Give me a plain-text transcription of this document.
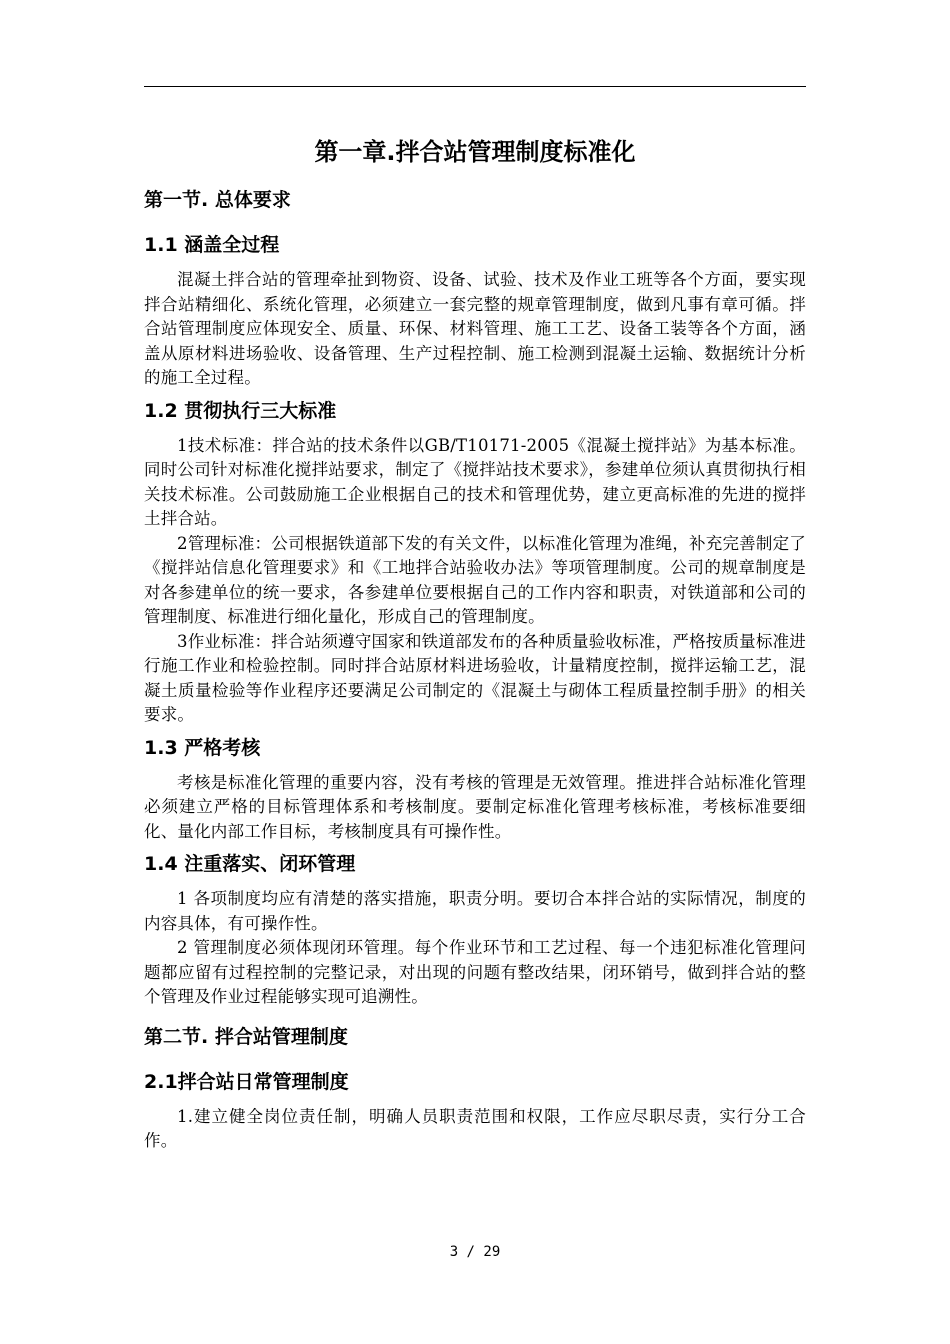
第一章.拌合站管理制度标准化
第一节. 总体要求
1.1 涵盖全过程

混凝土拌合站的管理牵扯到物资、设备、试验、技术及作业工班等各个方面，要实现拌合站精细化、系统化管理，必须建立一套完整的规章管理制度，做到凡事有章可循。拌合站管理制度应体现安全、质量、环保、材料管理、施工工艺、设备工装等各个方面，涵盖从原材料进场验收、设备管理、生产过程控制、施工检测到混凝土运输、数据统计分析的施工全过程。

1.2 贯彻执行三大标准

1技术标准：拌合站的技术条件以GB/T10171-2005《混凝土搅拌站》为基本标准。同时公司针对标准化搅拌站要求，制定了《搅拌站技术要求》，参建单位须认真贯彻执行相关技术标准。公司鼓励施工企业根据自己的技术和管理优势，建立更高标准的先进的搅拌土拌合站。

2管理标准：公司根据铁道部下发的有关文件，以标准化管理为准绳，补充完善制定了《搅拌站信息化管理要求》和《工地拌合站验收办法》等项管理制度。公司的规章制度是对各参建单位的统一要求，各参建单位要根据自己的工作内容和职责，对铁道部和公司的管理制度、标准进行细化量化，形成自己的管理制度。

3作业标准：拌合站须遵守国家和铁道部发布的各种质量验收标准，严格按质量标准进行施工作业和检验控制。同时拌合站原材料进场验收，计量精度控制，搅拌运输工艺，混凝土质量检验等作业程序还要满足公司制定的《混凝土与砌体工程质量控制手册》的相关要求。

1.3 严格考核

考核是标准化管理的重要内容，没有考核的管理是无效管理。推进拌合站标准化管理必须建立严格的目标管理体系和考核制度。要制定标准化管理考核标准，考核标准要细化、量化内部工作目标，考核制度具有可操作性。

1.4 注重落实、闭环管理

1 各项制度均应有清楚的落实措施，职责分明。要切合本拌合站的实际情况，制度的内容具体，有可操作性。

2 管理制度必须体现闭环管理。每个作业环节和工艺过程、每一个违犯标准化管理问题都应留有过程控制的完整记录，对出现的问题有整改结果，闭环销号，做到拌合站的整个管理及作业过程能够实现可追溯性。

第二节. 拌合站管理制度
2.1拌合站日常管理制度

1.建立健全岗位责任制，明确人员职责范围和权限，工作应尽职尽责，实行分工合作。

3 / 29
